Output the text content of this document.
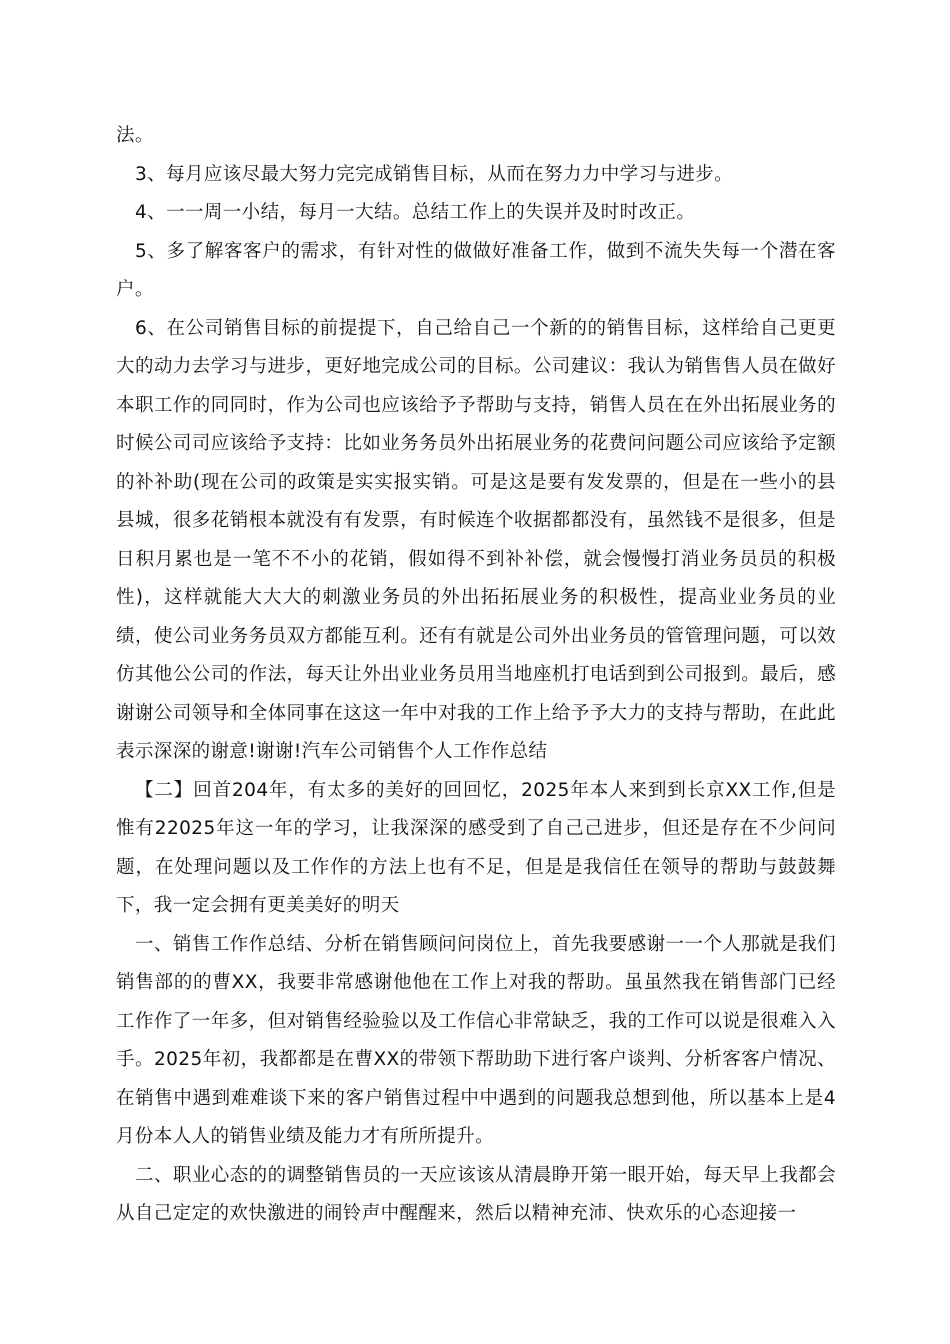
法。

3、每月应该尽最大努力完完成销售目标，从而在努力力中学习与进步。

4、一一周一小结，每月一大结。总结工作上的失误并及时时改正。

5、多了解客客户的需求，有针对性的做做好准备工作，做到不流失失每一个潜在客户。

6、在公司销售目标的前提提下，自己给自己一个新的的销售目标，这样给自己更更大的动力去学习与进步，更好地完成公司的目标。公司建议：我认为销售售人员在做好本职工作的同同时，作为公司也应该给予予帮助与支持，销售人员在在外出拓展业务的时候公司司应该给予支持：比如业务务员外出拓展业务的花费问问题公司应该给予定额的补补助(现在公司的政策是实实报实销。可是这是要有发发票的，但是在一些小的县县城，很多花销根本就没有有发票，有时候连个收据都都没有，虽然钱不是很多，但是日积月累也是一笔不不小的花销，假如得不到补补偿，就会慢慢打消业务员员的积极性)，这样就能大大大的刺激业务员的外出拓拓展业务的积极性，提高业业务员的业绩，使公司业务务员双方都能互利。还有有就是公司外出业务员的管管理问题，可以效仿其他公公司的作法，每天让外出业业务员用当地座机打电话到到公司报到。最后，感谢谢公司领导和全体同事在这这一年中对我的工作上给予予大力的支持与帮助，在此此表示深深的谢意!谢谢!汽车公司销售个人工作作总结

【二】回首204年，有太多的美好的回回忆，2025年本人来到到长京XX工作,但是惟有22025年这一年的学习，让我深深的感受到了自己己进步，但还是存在不少问问题，在处理问题以及工作作的方法上也有不足，但是是我信任在领导的帮助与鼓鼓舞下，我一定会拥有更美美好的明天

一、销售工作作总结、分析在销售顾问问岗位上，首先我要感谢一一个人那就是我们销售部的的曹XX，我要非常感谢他他在工作上对我的帮助。虽虽然我在销售部门已经工作作了一年多，但对销售经验验以及工作信心非常缺乏，我的工作可以说是很难入入手。2025年初，我都都是在曹XX的带领下帮助助下进行客户谈判、分析客客户情况、在销售中遇到难难谈下来的客户销售过程中中遇到的问题我总想到他，所以基本上是4月份本人人的销售业绩及能力才有所所提升。

二、职业心态的的调整销售员的一天应该该从清晨睁开第一眼开始，每天早上我都会从自己定定的欢快激进的闹铃声中醒醒来，然后以精神充沛、快欢乐的心态迎接一
